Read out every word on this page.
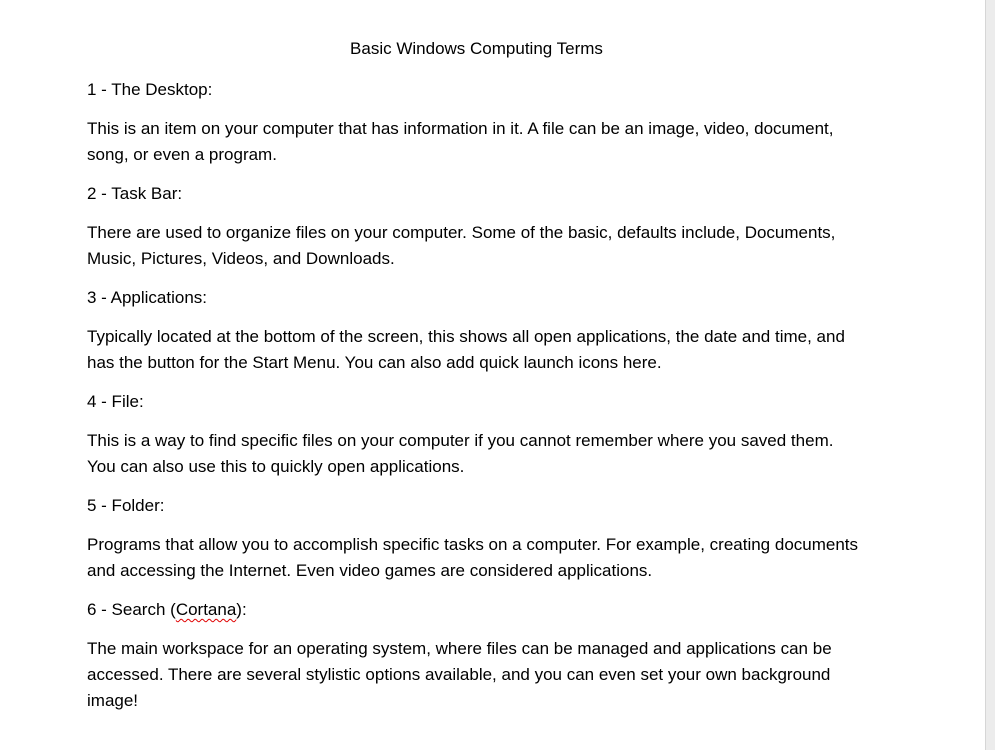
Basic Windows Computing Terms

1 - The Desktop:

This is an item on your computer that has information in it. A file can be an image, video, document, song, or even a program.

2 - Task Bar:

There are used to organize files on your computer. Some of the basic, defaults include, Documents, Music, Pictures, Videos, and Downloads.

3 - Applications:

Typically located at the bottom of the screen, this shows all open applications, the date and time, and has the button for the Start Menu. You can also add quick launch icons here.

4 - File:

This is a way to find specific files on your computer if you cannot remember where you saved them. You can also use this to quickly open applications.

5 - Folder:

Programs that allow you to accomplish specific tasks on a computer. For example, creating documents and accessing the Internet. Even video games are considered applications.

6 - Search (Cortana):

The main workspace for an operating system, where files can be managed and applications can be accessed. There are several stylistic options available, and you can even set your own background image!
